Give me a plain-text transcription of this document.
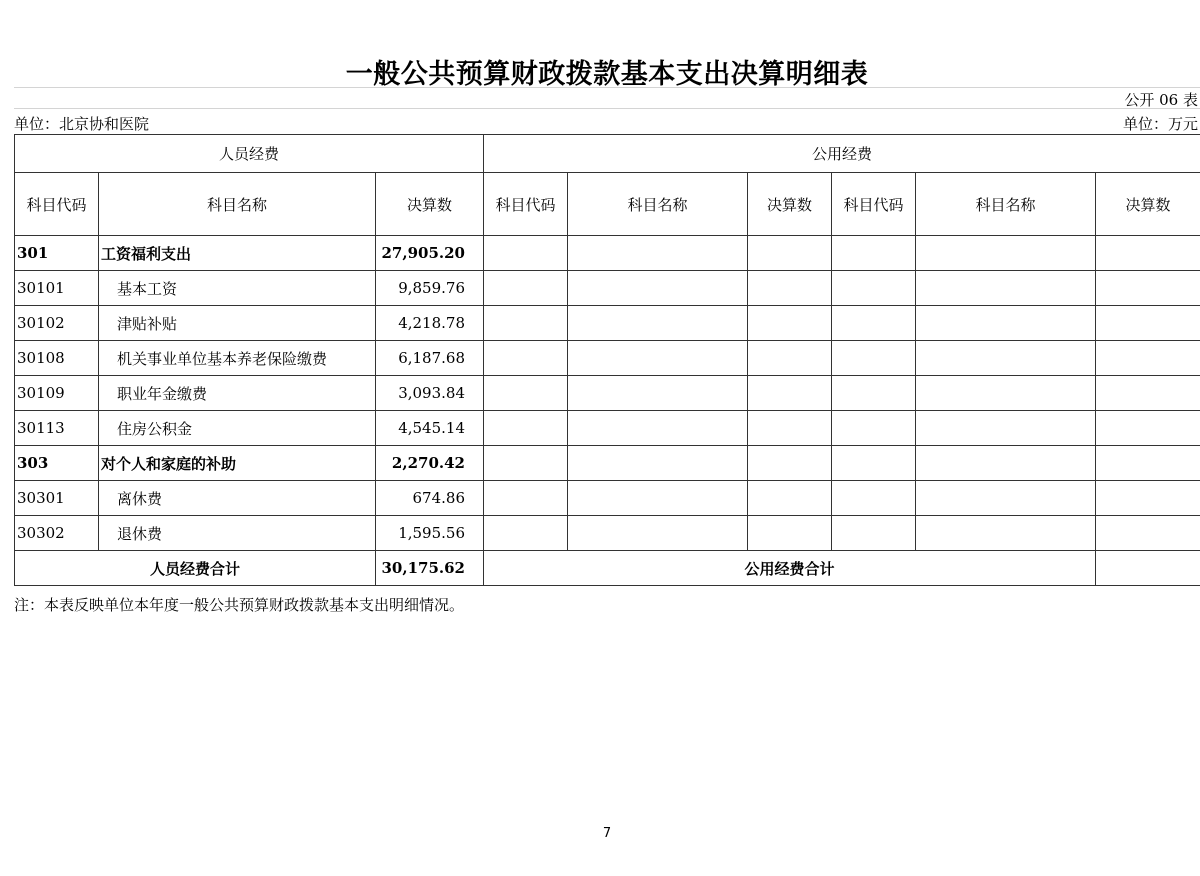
一般公共预算财政拨款基本支出决算明细表
公开 06 表
单位：北京协和医院	单位：万元
人员经费			公用经费					
科目代码	科目名称	决算数	科目代码	科目名称	决算数	科目代码	科目名称	决算数
301	工资福利支出	27,905.20						
30101	基本工资	9,859.76						
30102	津贴补贴	4,218.78						
30108	机关事业单位基本养老保险缴费	6,187.68						
30109	职业年金缴费	3,093.84						
30113	住房公积金	4,545.14						
303	对个人和家庭的补助	2,270.42						
30301	离休费	674.86						
30302	退休费	1,595.56						
人员经费合计		30,175.62	公用经费合计					
注：本表反映单位本年度一般公共预算财政拨款基本支出明细情况。
7
